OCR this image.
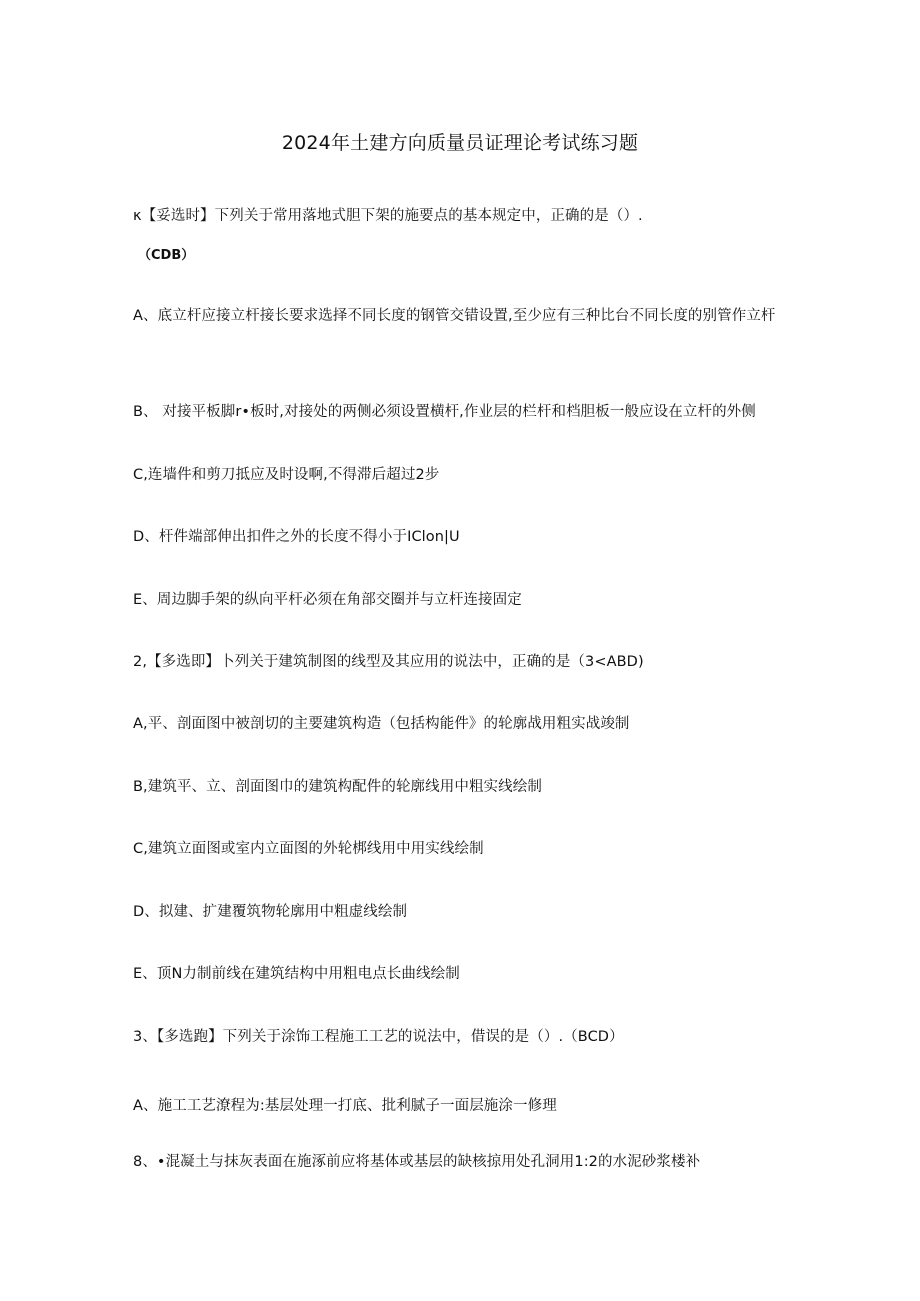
2024年土建方向质量员证理论考试练习题
κ【妥选时】下列关于常用落地式胆下架的施要点的基本规定中，正确的是（）.
（CDB）
A、底立杆应接立杆接长要求选择不同长度的钢管交错设置,至少应有三种比台不同长度的别管作立杆
B、 对接平板脚r•板时,对接处的两侧必须设置横杆,作业层的栏杆和档胆板一般应设在立杆的外侧
C,连墙件和剪刀抵应及时设啊,不得滞后超过2步
D、杆件端部伸出扣件之外的长度不得小于IClon|U
E、周边脚手架的纵向平杆必须在角部交圈并与立杆连接固定
2,【多选即】卜列关于建筑制图的线型及其应用的说法中，正确的是（3<ABD)
A,平、剖面图中被剖切的主要建筑构造（包括构能件》的轮廓战用粗实战竣制
B,建筑平、立、剖面图巾的建筑构配件的轮廓线用中粗实线绘制
C,建筑立面图或室内立面图的外轮梆线用中用实线绘制
D、拟建、扩建覆筑物轮廓用中粗虚线绘制
E、顶N力制前线在建筑结构中用粗电点长曲线绘制
3、【多选跑】下列关于涂饰工程施工工艺的说法中，借误的是（）.（BCD）
A、施工工艺潦程为:基层处理一打底、批利腻子一面层施涂一修理
8、•混凝土与抹灰表面在施涿前应将基体或基层的缺核掠用处孔洞用1:2的水泥砂浆楼补
